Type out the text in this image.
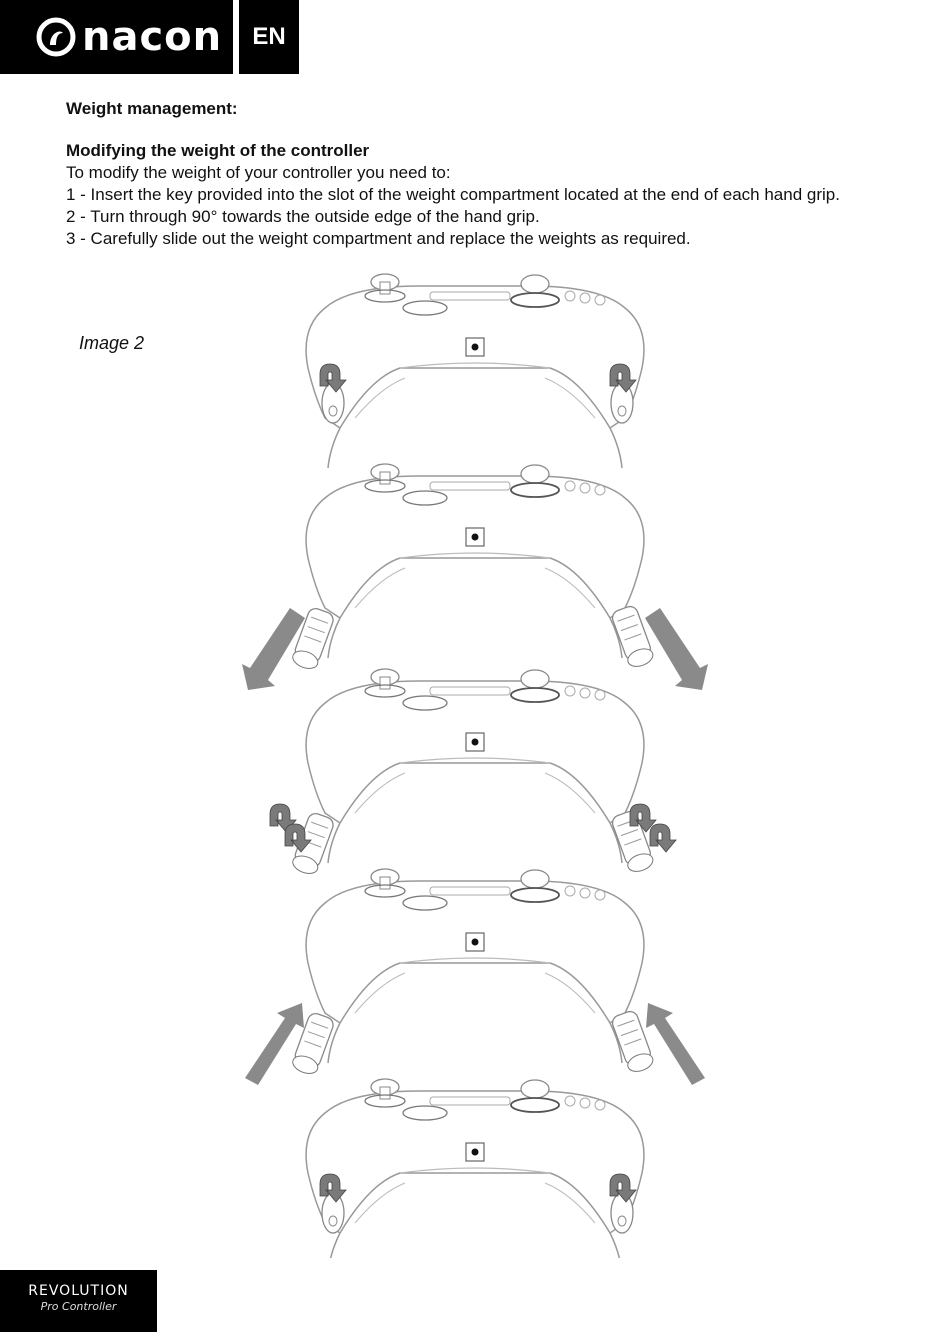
nacon	EN

Weight management:

Modifying the weight of the controller

To modify the weight of your controller you need to:

1 - Insert the key provided into the slot of the weight compartment located at the end of each hand grip.

2 - Turn through 90° towards the outside edge of the hand grip.

3 - Carefully slide out the weight compartment and replace the weights as required.

Image 2
REVOLUTION
Pro Controller
